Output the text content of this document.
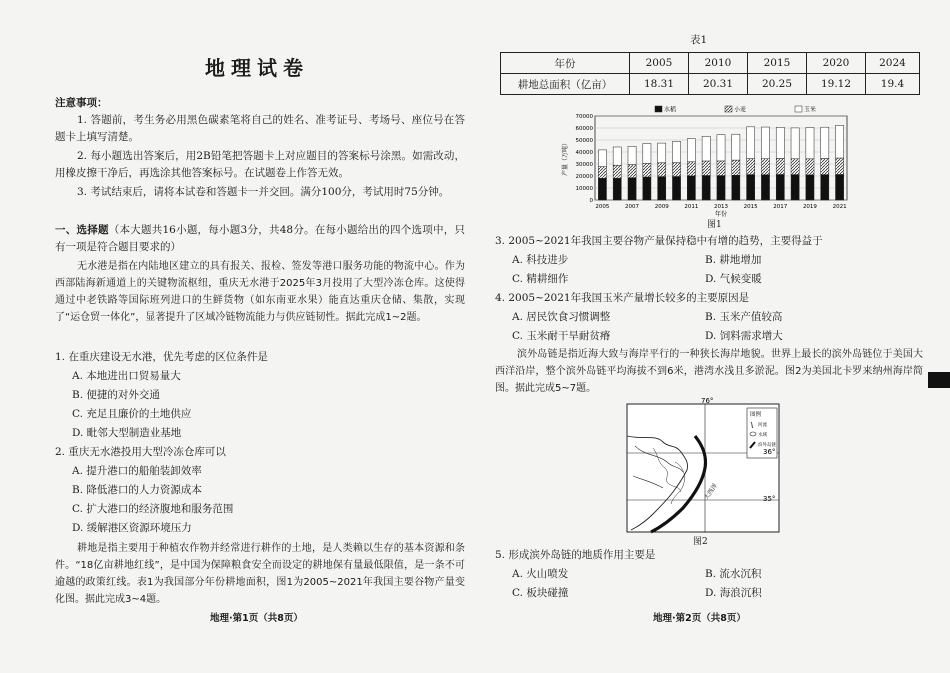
地理试卷
注意事项：
1. 答题前，考生务必用黑色碳素笔将自己的姓名、准考证号、考场号、座位号在答题卡上填写清楚。
2. 每小题选出答案后，用2B铅笔把答题卡上对应题目的答案标号涂黑。如需改动，用橡皮擦干净后，再选涂其他答案标号。在试题卷上作答无效。
3. 考试结束后，请将本试卷和答题卡一并交回。满分100分，考试用时75分钟。
一、选择题（本大题共16小题，每小题3分，共48分。在每小题给出的四个选项中，只有一项是符合题目要求的）
无水港是指在内陆地区建立的具有报关、报检、签发等港口服务功能的物流中心。作为西部陆海新通道上的关键物流枢纽，重庆无水港于2025年3月投用了大型冷冻仓库。这使得通过中老铁路等国际班列进口的生鲜货物（如东南亚水果）能直达重庆仓储、集散，实现了“运仓贸一体化”，显著提升了区域冷链物流能力与供应链韧性。据此完成1~2题。
1. 在重庆建设无水港，优先考虑的区位条件是
A. 本地进出口贸易量大
B. 便捷的对外交通
C. 充足且廉价的土地供应
D. 毗邻大型制造业基地
2. 重庆无水港投用大型冷冻仓库可以
A. 提升港口的船舶装卸效率
B. 降低港口的人力资源成本
C. 扩大港口的经济腹地和服务范围
D. 缓解港区资源环境压力
耕地是指主要用于种植农作物并经常进行耕作的土地，是人类赖以生存的基本资源和条件。“18亿亩耕地红线”，是中国为保障粮食安全而设定的耕地保有量最低限值，是一条不可逾越的政策红线。表1为我国部分年份耕地面积，图1为2005~2021年我国主要谷物产量变化图。据此完成3~4题。
地理·第1页（共8页）
表1
年份	2005	2010	2015	2020	2024
耕地总面积（亿亩）	18.31	20.31	20.25	19.12	19.4
0
10000
20000
30000
40000
50000
60000
70000
产量（万吨）
2005	2007	2009	2011	2013	2015	2017	2019	2021
年份
水稻	小麦	玉米
图1
3. 2005~2021年我国主要谷物产量保持稳中有增的趋势，主要得益于
A. 科技进步	B. 耕地增加
C. 精耕细作	D. 气候变暖
4. 2005~2021年我国玉米产量增长较多的主要原因是
A. 居民饮食习惯调整	B. 玉米产值较高
C. 玉米耐干旱耐贫瘠	D. 饲料需求增大
滨外岛链是指近海大致与海岸平行的一种狭长海岸地貌。世界上最长的滨外岛链位于美国大西洋沿岸，整个滨外岛链平均海拔不到6米，港湾水浅且多淤泥。图2为美国北卡罗来纳州海岸简图。据此完成5~7题。
图例
河流
水域
滨外岛链
76°
36°
35°
大西洋
图2
5. 形成滨外岛链的地质作用主要是
A. 火山喷发	B. 流水沉积
C. 板块碰撞	D. 海浪沉积
地理·第2页（共8页）
